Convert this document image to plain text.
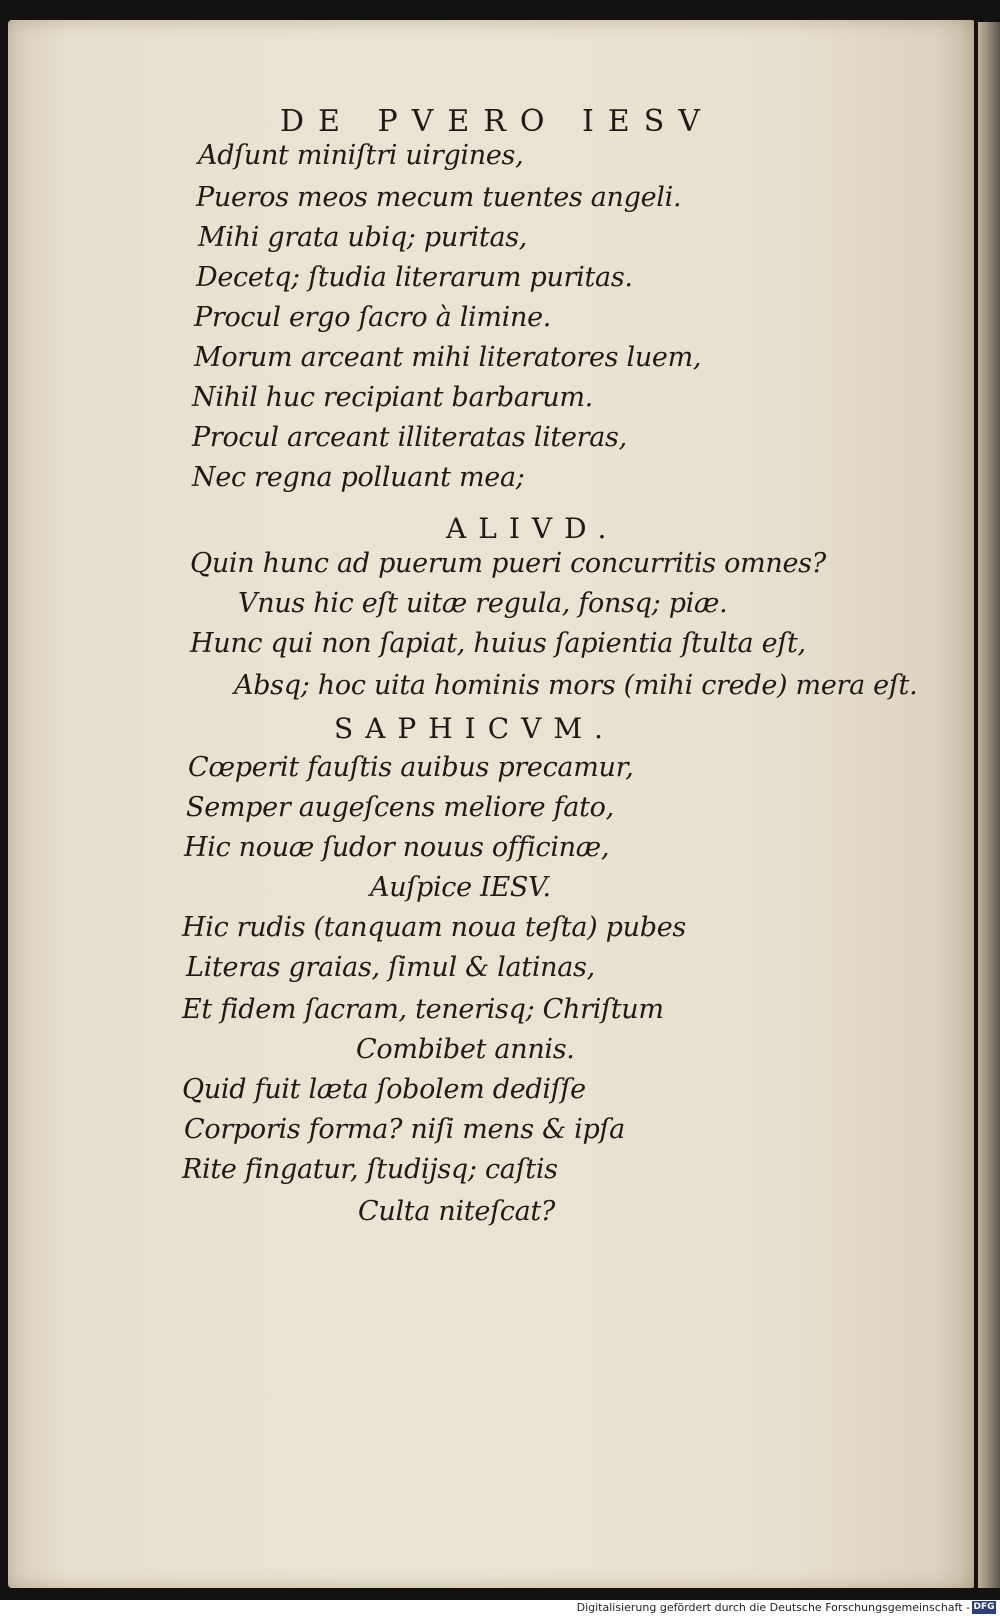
DE PVERO IESV
Adſunt miniſtri uirgines,
Pueros meos mecum tuentes angeli.
Mihi grata ubiq; puritas,
Decetq; ſtudia literarum puritas.
Procul ergo ſacro à limine.
Morum arceant mihi literatores luem,
Nihil huc recipiant barbarum.
Procul arceant illiteratas literas,
Nec regna polluant mea;
ALIVD.
Quin hunc ad puerum pueri concurritis omnes?
Vnus hic eſt uitæ regula, fonsq; piæ.
Hunc qui non ſapiat, huius ſapientia ſtulta eſt,
Absq; hoc uita hominis mors (mihi crede) mera eſt.
SAPHICVM.
Cœperit fauſtis auibus precamur,
Semper augeſcens meliore fato,
Hic nouæ ſudor nouus officinæ,
Auſpice IESV.
Hic rudis (tanquam noua teſta) pubes
Literas graias, ſimul & latinas,
Et fidem ſacram, tenerisq; Chriſtum
Combibet annis.
Quid fuit læta ſobolem dediſſe
Corporis forma? niſi mens & ipſa
Rite fingatur, ſtudijsq; caſtis
Culta niteſcat?
Digitalisierung gefördert durch die Deutsche Forschungsgemeinschaft - DFG
